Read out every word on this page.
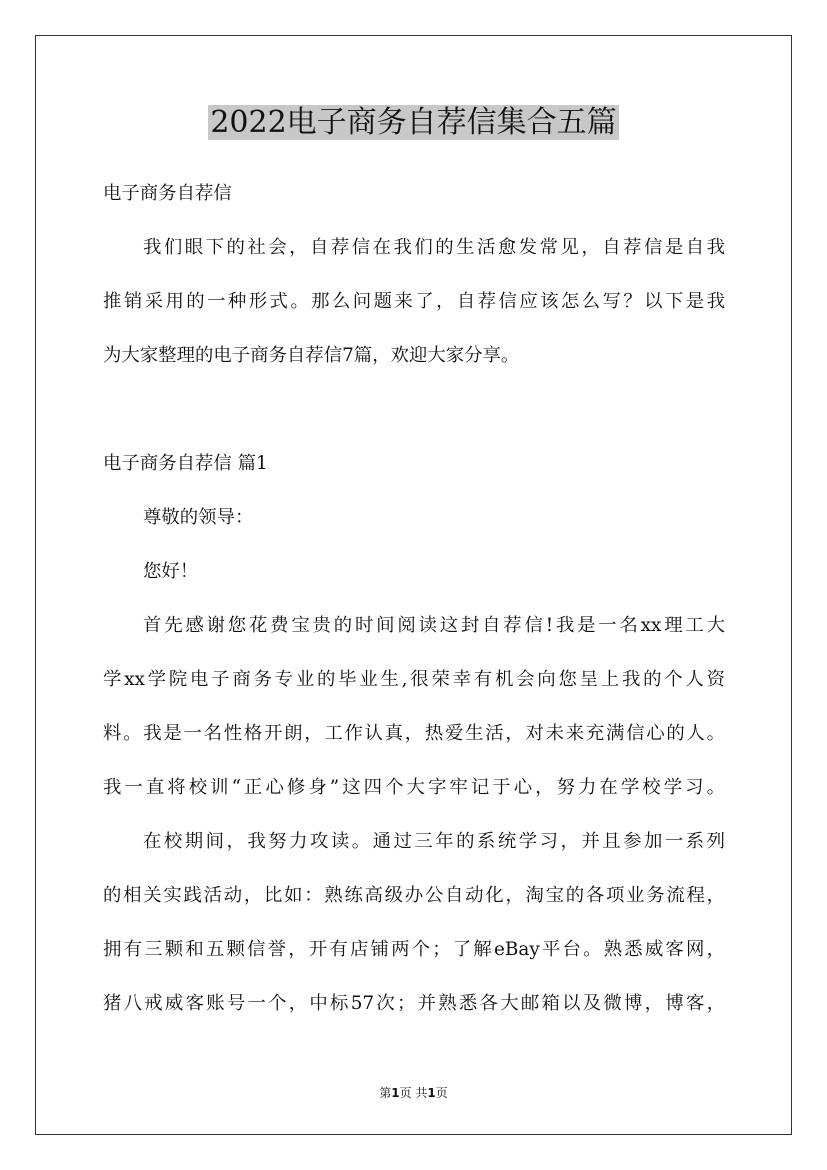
2022电子商务自荐信集合五篇

电子商务自荐信

我们眼下的社会，自荐信在我们的生活愈发常见，自荐信是自我

推销采用的一种形式。那么问题来了，自荐信应该怎么写？以下是我

为大家整理的电子商务自荐信7篇，欢迎大家分享。

电子商务自荐信 篇1

尊敬的领导：

您好！

首先感谢您花费宝贵的时间阅读这封自荐信!我是一名xx理工大

学xx学院电子商务专业的毕业生,很荣幸有机会向您呈上我的个人资

料。我是一名性格开朗，工作认真，热爱生活，对未来充满信心的人。

我一直将校训“正心修身”这四个大字牢记于心，努力在学校学习。

在校期间，我努力攻读。通过三年的系统学习，并且参加一系列

的相关实践活动，比如：熟练高级办公自动化，淘宝的各项业务流程，

拥有三颗和五颗信誉，开有店铺两个；了解eBay平台。熟悉威客网，

猪八戒威客账号一个，中标57次；并熟悉各大邮箱以及微博，博客，

第1页 共1页
